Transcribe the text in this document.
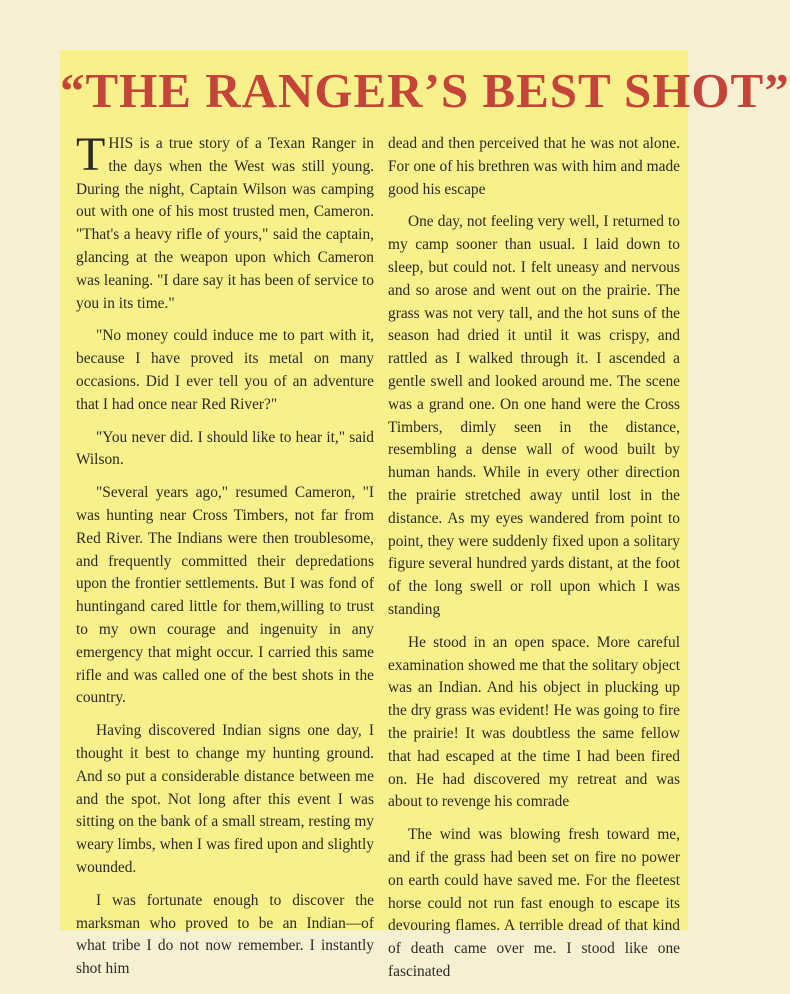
“THE RANGER’S BEST SHOT”

THIS is a true story of a Texan Ranger in the days when the West was still young. During the night, Captain Wilson was camping out with one of his most trusted men, Cameron. "That's a heavy rifle of yours," said the captain, glancing at the weapon upon which Cameron was leaning. "I dare say it has been of service to you in its time."

"No money could induce me to part with it, because I have proved its metal on many occasions. Did I ever tell you of an adventure that I had once near Red River?"

"You never did. I should like to hear it," said Wilson.

"Several years ago," resumed Cameron, "I was hunting near Cross Timbers, not far from Red River. The Indians were then troublesome, and frequently committed their depredations upon the frontier settlements. But I was fond of huntingand cared little for them,willing to trust to my own courage and ingenuity in any emergency that might occur. I carried this same rifle and was called one of the best shots in the country.

Having discovered Indian signs one day, I thought it best to change my hunting ground. And so put a considerable distance between me and the spot. Not long after this event I was sitting on the bank of a small stream, resting my weary limbs, when I was fired upon and slightly wounded.

I was fortunate enough to discover the marksman who proved to be an Indian—of what tribe I do not now remember. I instantly shot him

dead and then perceived that he was not alone. For one of his brethren was with him and made good his escape

One day, not feeling very well, I returned to my camp sooner than usual. I laid down to sleep, but could not. I felt uneasy and nervous and so arose and went out on the prairie. The grass was not very tall, and the hot suns of the season had dried it until it was crispy, and rattled as I walked through it. I ascended a gentle swell and looked around me. The scene was a grand one. On one hand were the Cross Timbers, dimly seen in the distance, resembling a dense wall of wood built by human hands. While in every other direction the prairie stretched away until lost in the distance. As my eyes wandered from point to point, they were suddenly fixed upon a solitary figure several hundred yards distant, at the foot of the long swell or roll upon which I was standing

He stood in an open space. More careful examination showed me that the solitary object was an Indian. And his object in plucking up the dry grass was evident! He was going to fire the prairie! It was doubtless the same fellow that had escaped at the time I had been fired on. He had discovered my retreat and was about to revenge his comrade

The wind was blowing fresh toward me, and if the grass had been set on fire no power on earth could have saved me. For the fleetest horse could not run fast enough to escape its devouring flames. A terrible dread of that kind of death came over me. I stood like one fascinated
